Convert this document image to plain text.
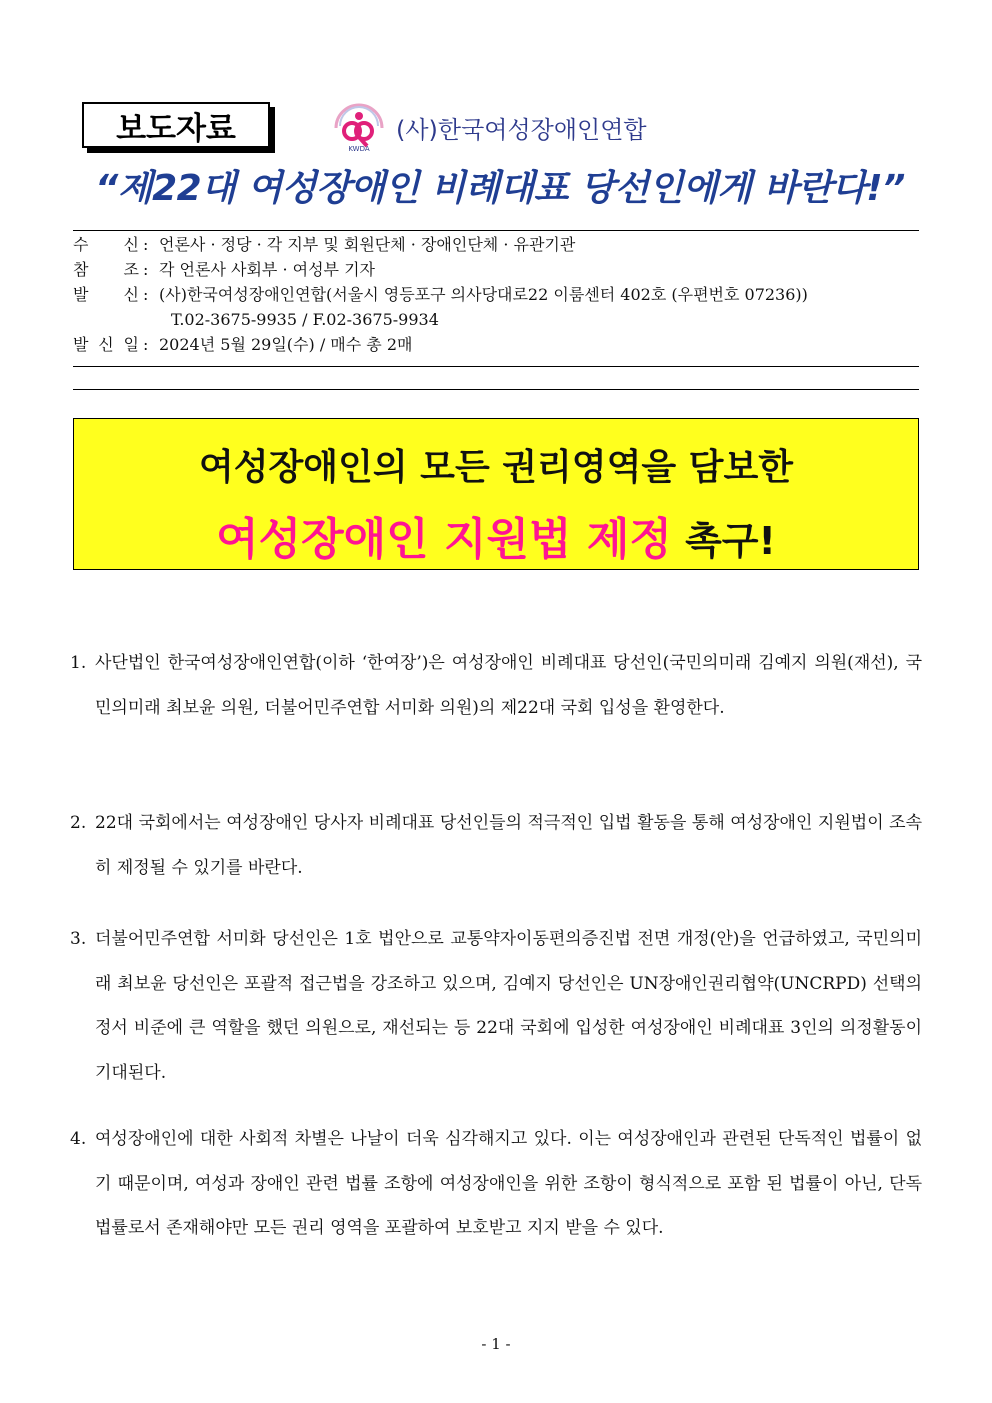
보도자료
KWDA
(사)한국여성장애인연합
“제22대 여성장애인 비례대표 당선인에게 바란다!”
수 신 : 언론사 · 정당 · 각 지부 및 회원단체 · 장애인단체 · 유관기관
참 조 : 각 언론사 사회부 · 여성부 기자
발 신 : (사)한국여성장애인연합(서울시 영등포구 의사당대로22 이룸센터 402호 (우편번호 07236))
T.02-3675-9935 / F.02-3675-9934
발 신 일 : 2024년 5월 29일(수) / 매수 총 2매
여성장애인의 모든 권리영역을 담보한
여성장애인 지원법 제정 촉구!
1. 사단법인 한국여성장애인연합(이하 ‘한여장’)은 여성장애인 비례대표 당선인(국민의미래 김예지 의원(재선), 국민의미래 최보윤 의원, 더불어민주연합 서미화 의원)의 제22대 국회 입성을 환영한다.
2. 22대 국회에서는 여성장애인 당사자 비례대표 당선인들의 적극적인 입법 활동을 통해 여성장애인 지원법이 조속히 제정될 수 있기를 바란다.
3. 더불어민주연합 서미화 당선인은 1호 법안으로 교통약자이동편의증진법 전면 개정(안)을 언급하였고, 국민의미래 최보윤 당선인은 포괄적 접근법을 강조하고 있으며, 김예지 당선인은 UN장애인권리협약(UNCRPD) 선택의정서 비준에 큰 역할을 했던 의원으로, 재선되는 등 22대 국회에 입성한 여성장애인 비례대표 3인의 의정활동이 기대된다.
4. 여성장애인에 대한 사회적 차별은 나날이 더욱 심각해지고 있다. 이는 여성장애인과 관련된 단독적인 법률이 없기 때문이며, 여성과 장애인 관련 법률 조항에 여성장애인을 위한 조항이 형식적으로 포함 된 법률이 아닌, 단독 법률로서 존재해야만 모든 권리 영역을 포괄하여 보호받고 지지 받을 수 있다.
- 1 -
